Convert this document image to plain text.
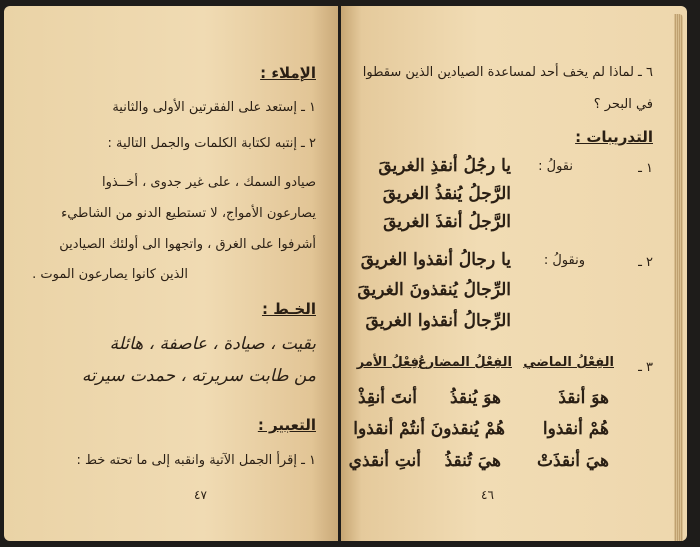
الإملاء :
١ ـ إستعد على الفقرتين الأولى والثانية
٢ ـ إنتبه لكتابة الكلمات والجمل التالية :
صيادو السمك ، على غير جدوى ، أخــذوا
يصارعون الأمواج، لا تستطيع الدنو من الشاطيء
أشرفوا على الغرق ، واتجهوا الى أولئك الصيادين
الذين كانوا يصارعون الموت .
الخـط :
بقيت ، صيادة ، عاصفة ، هائلة
من طابت سريرته ، حمدت سيرته
التعبير :
١ ـ إقرأ الجمل الآتية وانقبه إلى ما تحته خط :
٤٧
٦ ـ لماذا لم يخف أحد لمساعدة الصيادين الذين سقطوا
في البحر ؟
التدريبات :
١ ـ
نقولُ :
يا رجُلُ أنقذِ الغريقَ
الرَّجلُ يُنقذُ الغريقَ
الرَّجلُ أنقذَ الغريقَ
٢ ـ
ونقولُ :
يا رجالُ أنقذوا الغريقَ
الرِّجالُ يُنقذونَ الغريقَ
الرِّجالُ أنقذوا الغريقَ
٣ ـ
الفِعْلُ الماضي
الفِعْلُ المضارعُ
فِعْلُ الأمر
هوَ أنقذَ
هوَ يُنقذُ
أنتَ أنقِذْ
هُمْ أنقذوا
هُمْ يُنقذونَ
أنتُمْ أنقذوا
هيَ أنقذَتْ
هيَ تُنقذُ
أنتِ أنقذي
٤٦
